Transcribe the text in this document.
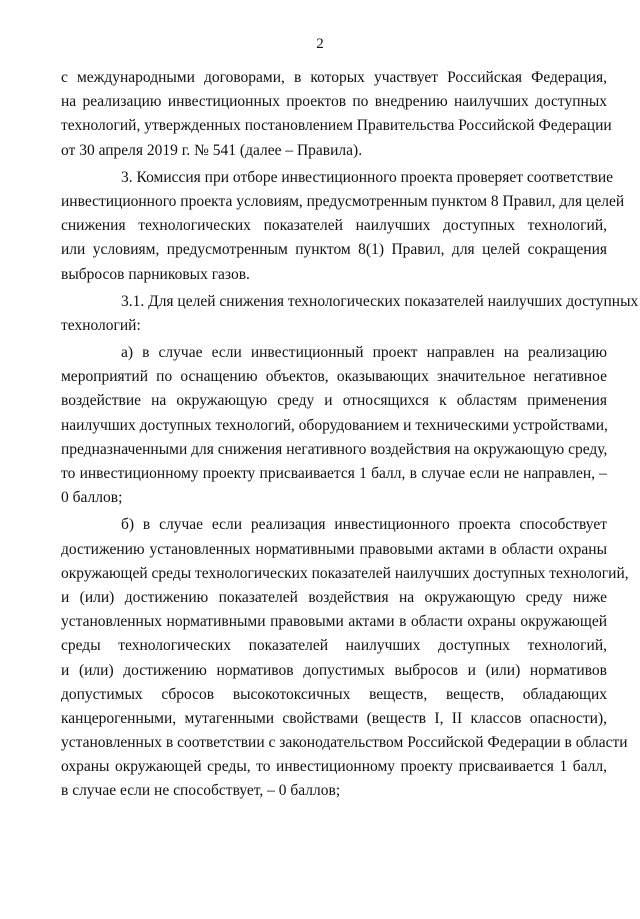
2

с международными договорами, в которых участвует Российская Федерация,
на реализацию инвестиционных проектов по внедрению наилучших доступных
технологий, утвержденных постановлением Правительства Российской Федерации
от 30 апреля 2019 г. № 541 (далее – Правила).

3. Комиссия при отборе инвестиционного проекта проверяет соответствие
инвестиционного проекта условиям, предусмотренным пунктом 8 Правил, для целей
снижения технологических показателей наилучших доступных технологий,
или условиям, предусмотренным пунктом 8(1) Правил, для целей сокращения
выбросов парниковых газов.

3.1. Для целей снижения технологических показателей наилучших доступных
технологий:

а) в случае если инвестиционный проект направлен на реализацию
мероприятий по оснащению объектов, оказывающих значительное негативное
воздействие на окружающую среду и относящихся к областям применения
наилучших доступных технологий, оборудованием и техническими устройствами,
предназначенными для снижения негативного воздействия на окружающую среду,
то инвестиционному проекту присваивается 1 балл, в случае если не направлен, –
0 баллов;

б) в случае если реализация инвестиционного проекта способствует
достижению установленных нормативными правовыми актами в области охраны
окружающей среды технологических показателей наилучших доступных технологий,
и (или) достижению показателей воздействия на окружающую среду ниже
установленных нормативными правовыми актами в области охраны окружающей
среды технологических показателей наилучших доступных технологий,
и (или) достижению нормативов допустимых выбросов и (или) нормативов
допустимых сбросов высокотоксичных веществ, веществ, обладающих
канцерогенными, мутагенными свойствами (веществ I, II классов опасности),
установленных в соответствии с законодательством Российской Федерации в области
охраны окружающей среды, то инвестиционному проекту присваивается 1 балл,
в случае если не способствует, – 0 баллов;
